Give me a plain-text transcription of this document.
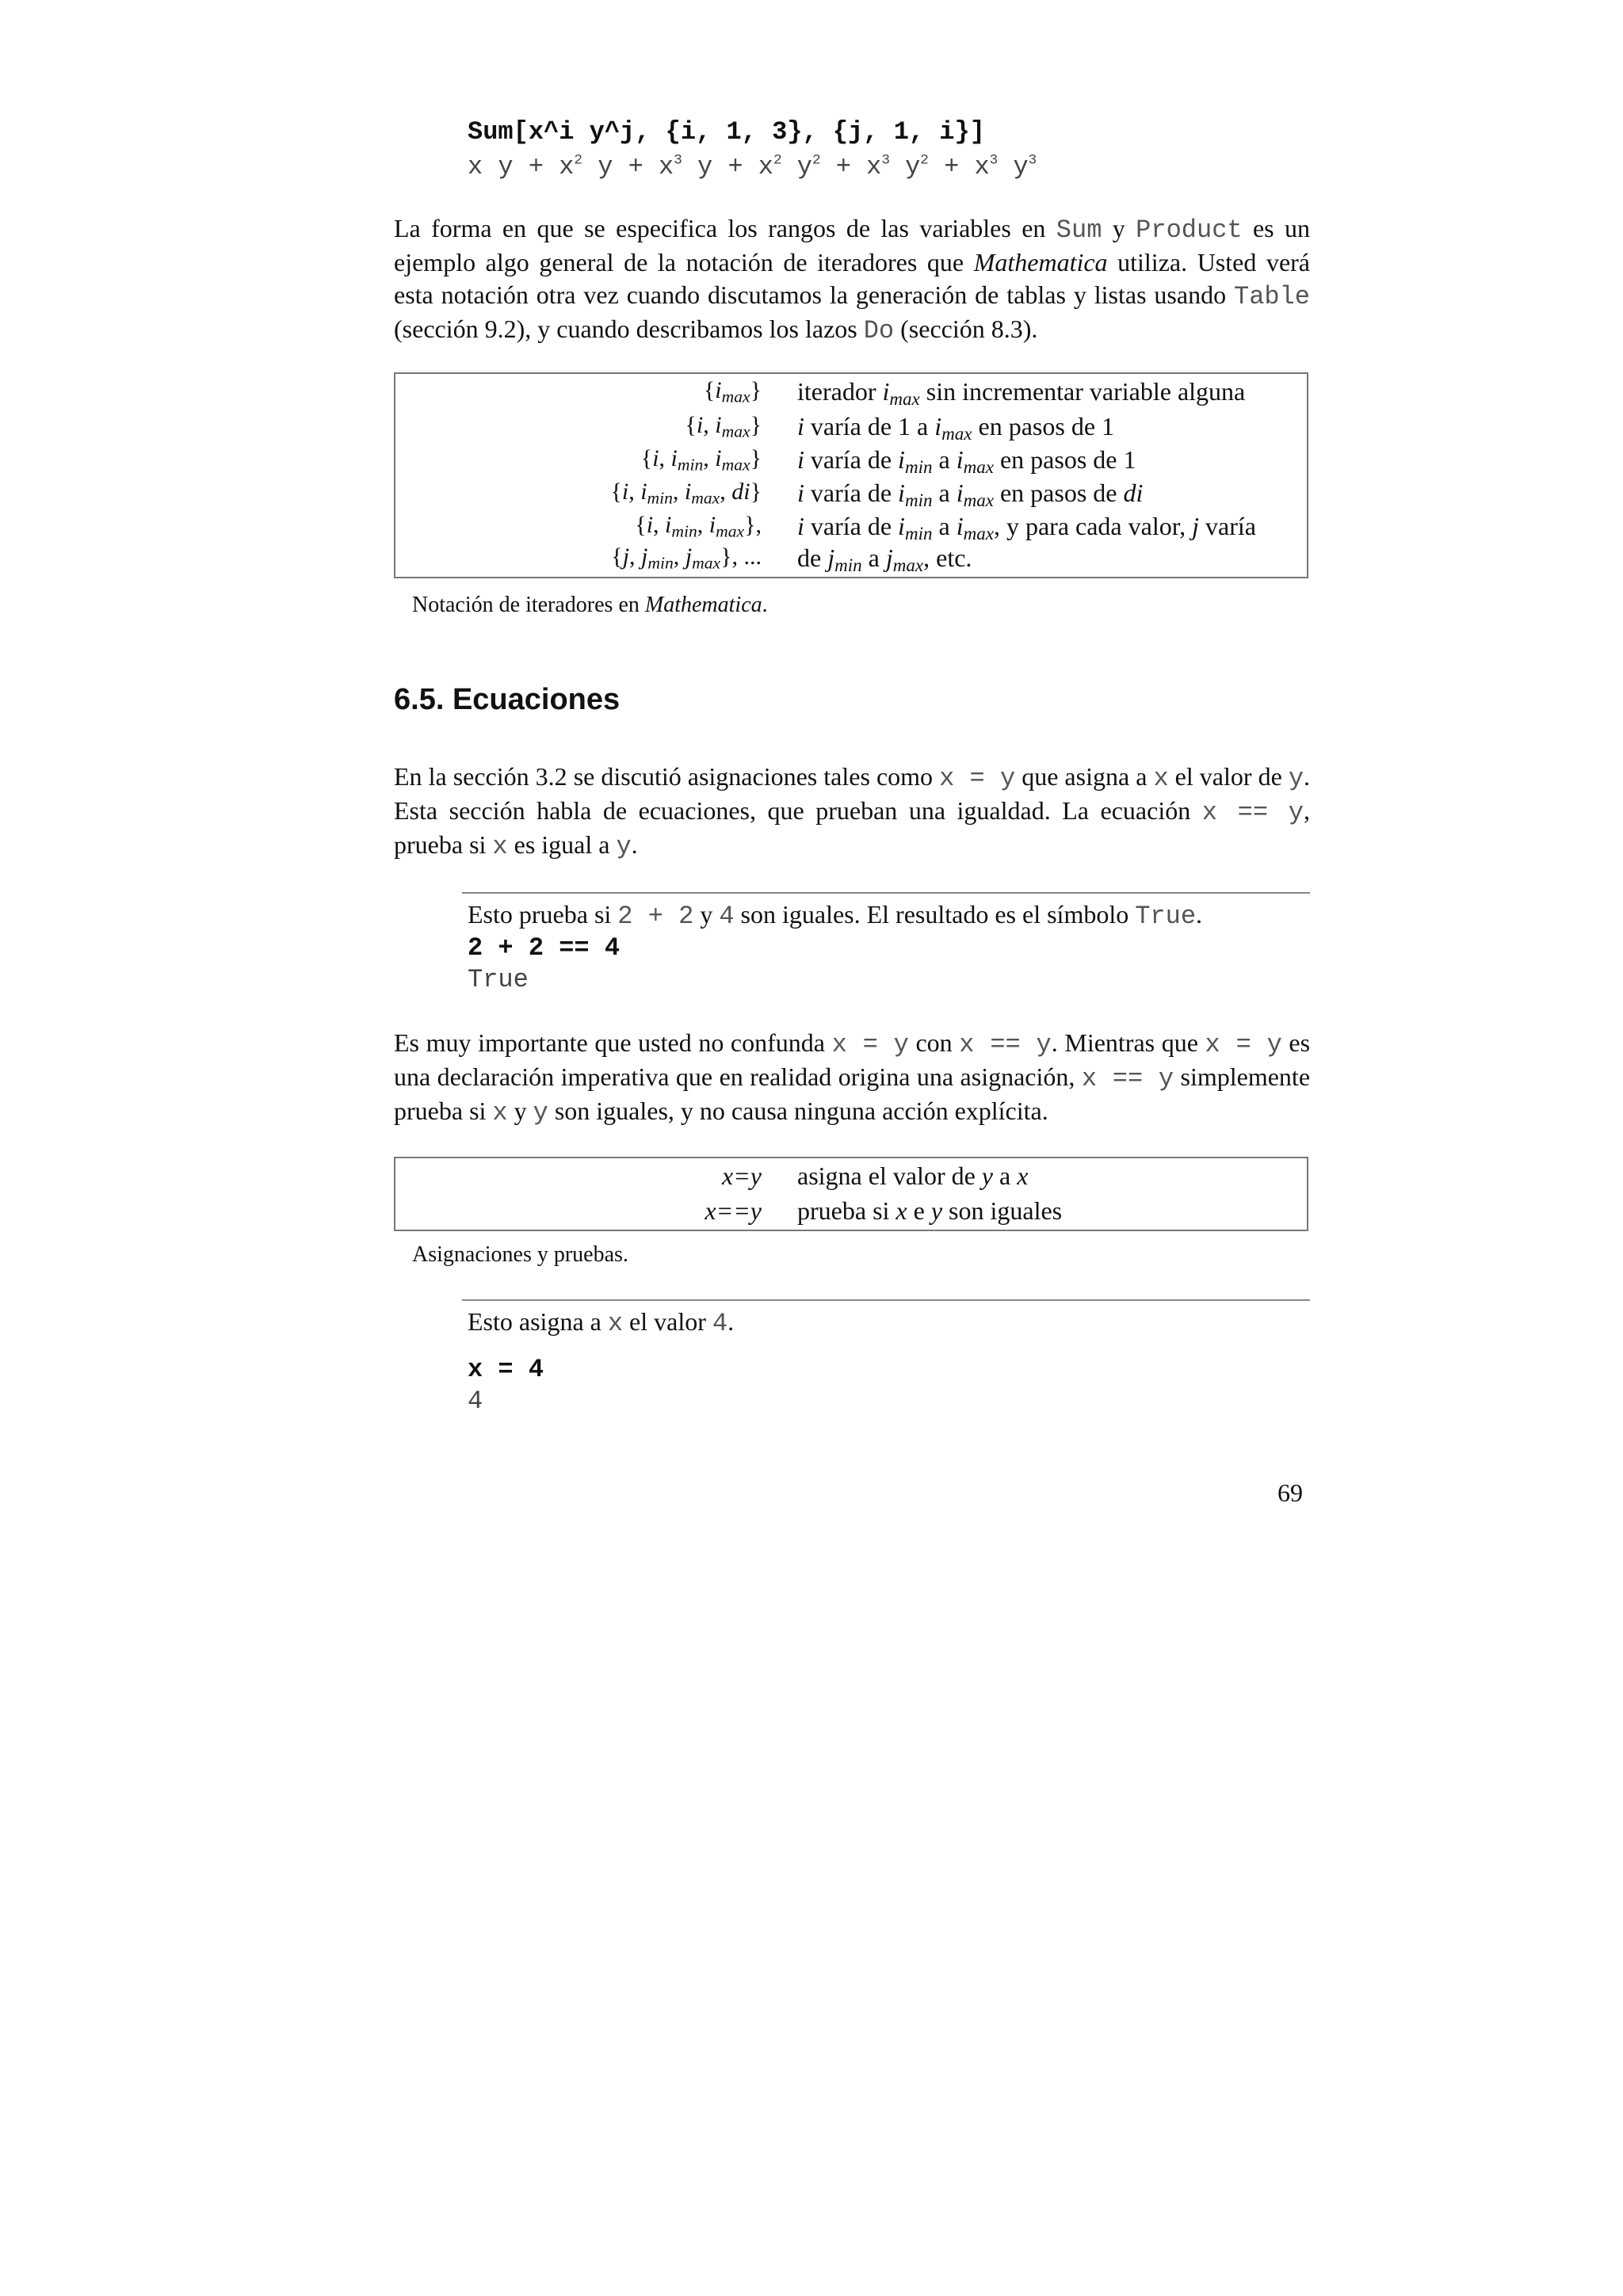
Sum[x^i y^j, {i, 1, 3}, {j, 1, i}]
x $y + x^2$ $y + x^3$ $y + x^2$ $y^2 + x^3$ $y^2 + x^3$ $y^3$
La forma en que se especifica los rangos de las variables en Sum y Product es un ejemplo algo general de la notación de iteradores que Mathematica utiliza. Usted verá esta notación otra vez cuando discutamos la generación de tablas y listas usando Table (sección 9.2), y cuando describamos los lazos Do (sección 8.3).
$\{i_{max}\}$ iterador $i_{max}$ sin incrementar variable alguna
{i, $i_{max}$} i varía de 1 a $i_{max}$ en pasos de 1
{i, $i_{min}$, $i_{max}$} i varía de $i_{min}$ a $i_{max}$ en pasos de 1
{i, $i_{min}$, $i_{max}$, di} i varía de $i_{min}$ a $i_{max}$ en pasos de di
{i, $i_{min}$, $i_{max}$}, i varía de $i_{min}$ a $i_{max}$, y para cada valor, j varía
{j, $j_{min}$, $j_{max}$}, ... de $j_{min}$ a $j_{max}$, etc.
Notación de iteradores en Mathematica.
6.5. Ecuaciones
En la sección 3.2 se discutió asignaciones tales como x = y que asigna a x el valor de y. Esta sección habla de ecuaciones, que prueban una igualdad. La ecuación x == y, prueba si x es igual a y.
Esto prueba si 2 + 2 y 4 son iguales. El resultado es el símbolo True.
2 + 2 == 4
True
Es muy importante que usted no confunda x = y con x == y. Mientras que x = y es una declaración imperativa que en realidad origina una asignación, x == y simplemente prueba si x y y son iguales, y no causa ninguna acción explícita.
x=y asigna el valor de y a x
x==y prueba si x e y son iguales
Asignaciones y pruebas.
Esto asigna a x el valor 4.
x = 4
4
69
